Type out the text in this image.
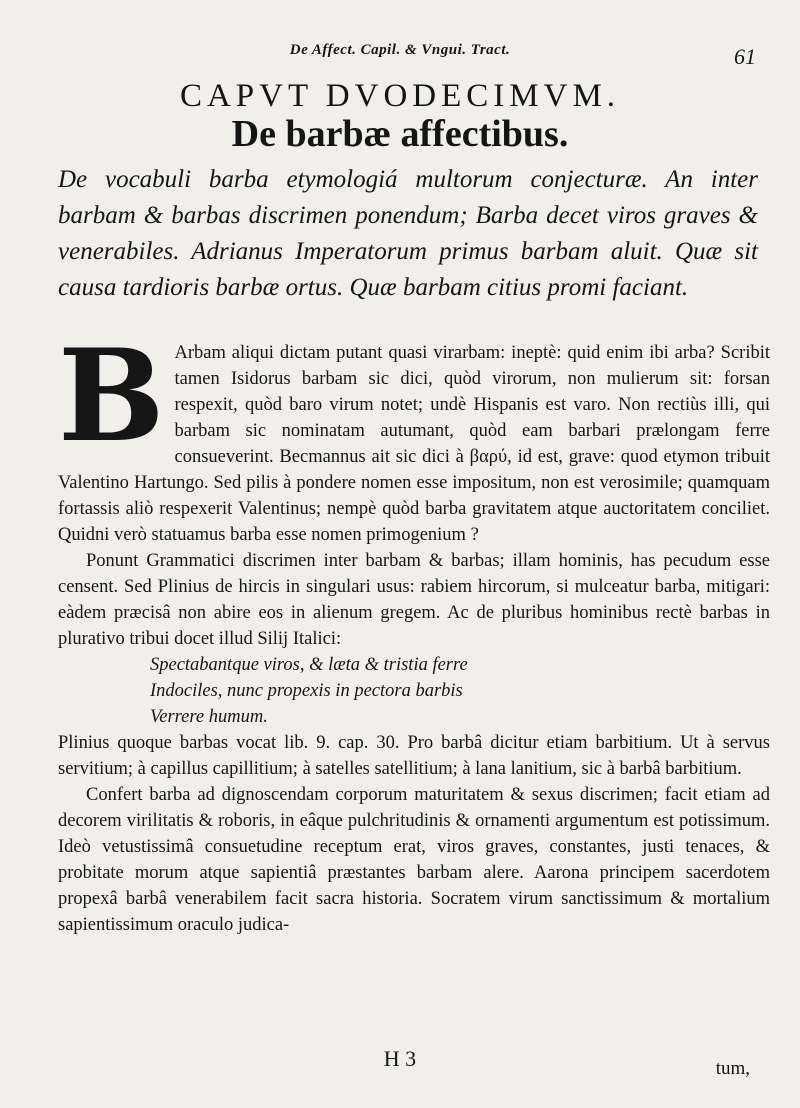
De Affect. Capil. & Vngui. Tract.	61
CAPVT DVODECIMVM.
De barbæ affectibus.
De vocabuli barba etymologiá multorum conjecturæ. An inter barbam & barbas discrimen ponendum; Barba decet viros graves & venerabiles. Adrianus Imperatorum primus barbam aluit. Quæ sit causa tardioris barbæ ortus. Quæ barbam citius promi faciant.
B Arbam aliqui dictam putant quasi virarbam: ineptè: quid enim ibi arba? Scribit tamen Isidorus barbam sic dici, quòd virorum, non mulierum sit: forsan respexit, quòd baro virum notet; undè Hispanis est varo. Non rectiùs illi, qui barbam sic nominatam autumant, quòd eam barbari prælongam ferre consueverint. Becmannus ait sic dici à βαρύ, id est, grave: quod etymon tribuit Valentino Hartungo. Sed pilis à pondere nomen esse impositum, non est verosimile; quamquam fortassis aliò respexerit Valentinus; nempè quòd barba gravitatem atque auctoritatem conciliet. Quidni verò statuamus barba esse nomen primogenium ?

Ponunt Grammatici discrimen inter barbam & barbas; illam hominis, has pecudum esse censent. Sed Plinius de hircis in singulari usus: rabiem hircorum, si mulceatur barba, mitigari: eàdem præcisâ non abire eos in alienum gregem. Ac de pluribus hominibus rectè barbas in plurativo tribui docet illud Silij Italici:

Spectabantque viros, & læta & tristia ferre

Indociles, nunc propexis in pectora barbis

Verrere humum.

Plinius quoque barbas vocat lib. 9. cap. 30. Pro barbâ dicitur etiam barbitium. Ut à servus servitium; à capillus capillitium; à satelles satellitium; à lana lanitium, sic à barbâ barbitium.

Confert barba ad dignoscendam corporum maturitatem & sexus discrimen; facit etiam ad decorem virilitatis & roboris, in eâque pulchritudinis & ornamenti argumentum est potissimum. Ideò vetustissimâ consuetudine receptum erat, viros graves, constantes, justi tenaces, & probitate morum atque sapientiâ præstantes barbam alere. Aarona principem sacerdotem propexâ barbâ venerabilem facit sacra historia. Socratem virum sanctissimum & mortalium sapientissimum oraculo judica-

H 3	tum,
